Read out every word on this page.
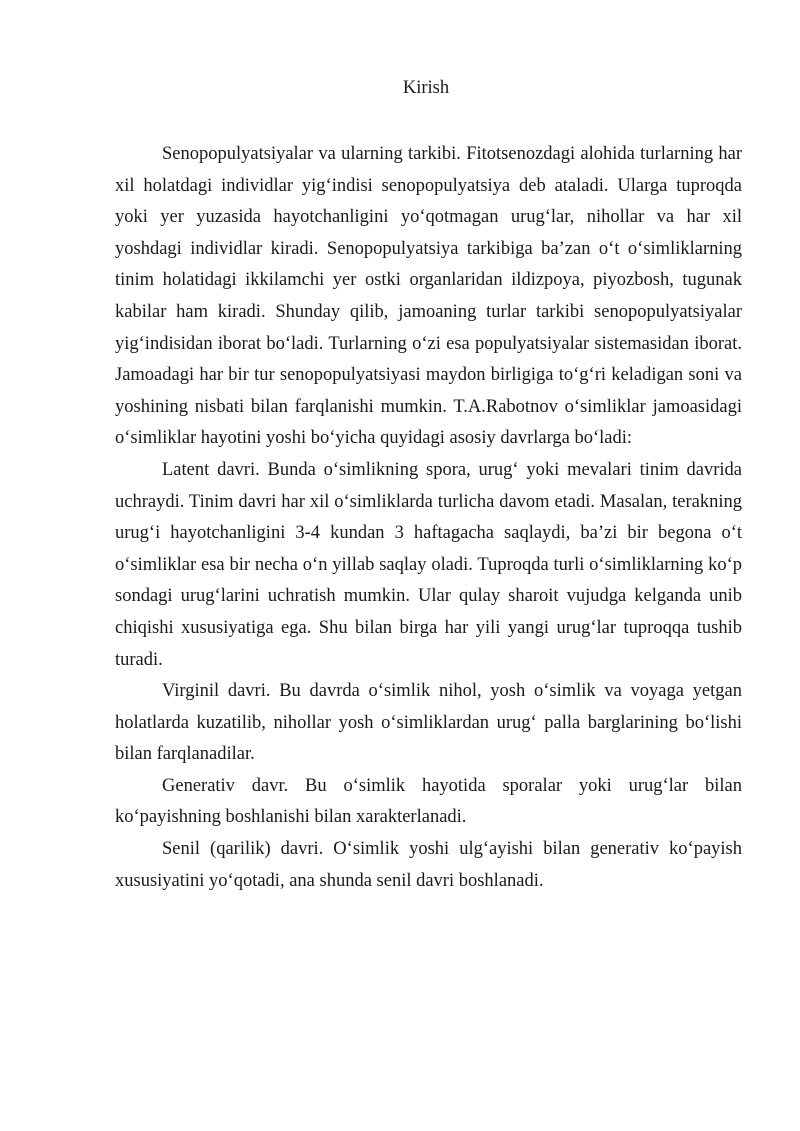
Kirish

Senopopulyatsiyalar va ularning tarkibi. Fitotsenozdagi alohida turlarning har xil holatdagi individlar yig‘indisi senopopulyatsiya deb ataladi. Ularga tuproqda yoki yer yuzasida hayotchanligini yo‘qotmagan urug‘lar, nihollar va har xil yoshdagi individlar kiradi. Senopopulyatsiya tarkibiga ba’zan o‘t o‘simliklarning tinim holatidagi ikkilamchi yer ostki organlaridan ildizpoya, piyozbosh, tugunak kabilar ham kiradi. Shunday qilib, jamoaning turlar tarkibi senopopulyatsiyalar yig‘indisidan iborat bo‘ladi. Turlarning o‘zi esa populyatsiyalar sistemasidan iborat. Jamoadagi har bir tur senopopulyatsiyasi maydon birligiga to‘g‘ri keladigan soni va yoshining nisbati bilan farqlanishi mumkin. T.A.Rabotnov o‘simliklar jamoasidagi o‘simliklar hayotini yoshi bo‘yicha quyidagi asosiy davrlarga bo‘ladi:

Latent davri. Bunda o‘simlikning spora, urug‘ yoki mevalari tinim davrida uchraydi. Tinim davri har xil o‘simliklarda turlicha davom etadi. Masalan, terakning urug‘i hayotchanligini 3-4 kundan 3 haftagacha saqlaydi, ba’zi bir begona o‘t o‘simliklar esa bir necha o‘n yillab saqlay oladi. Tuproqda turli o‘simliklarning ko‘p sondagi urug‘larini uchratish mumkin. Ular qulay sharoit vujudga kelganda unib chiqishi xususiyatiga ega. Shu bilan birga har yili yangi urug‘lar tuproqqa tushib turadi.

Virginil davri. Bu davrda o‘simlik nihol, yosh o‘simlik va voyaga yetgan holatlarda kuzatilib, nihollar yosh o‘simliklardan urug‘ palla barglarining bo‘lishi bilan farqlanadilar.

Generativ davr. Bu o‘simlik hayotida sporalar yoki urug‘lar bilan ko‘payishning boshlanishi bilan xarakterlanadi.

Senil (qarilik) davri. O‘simlik yoshi ulg‘ayishi bilan generativ ko‘payish xususiyatini yo‘qotadi, ana shunda senil davri boshlanadi.
